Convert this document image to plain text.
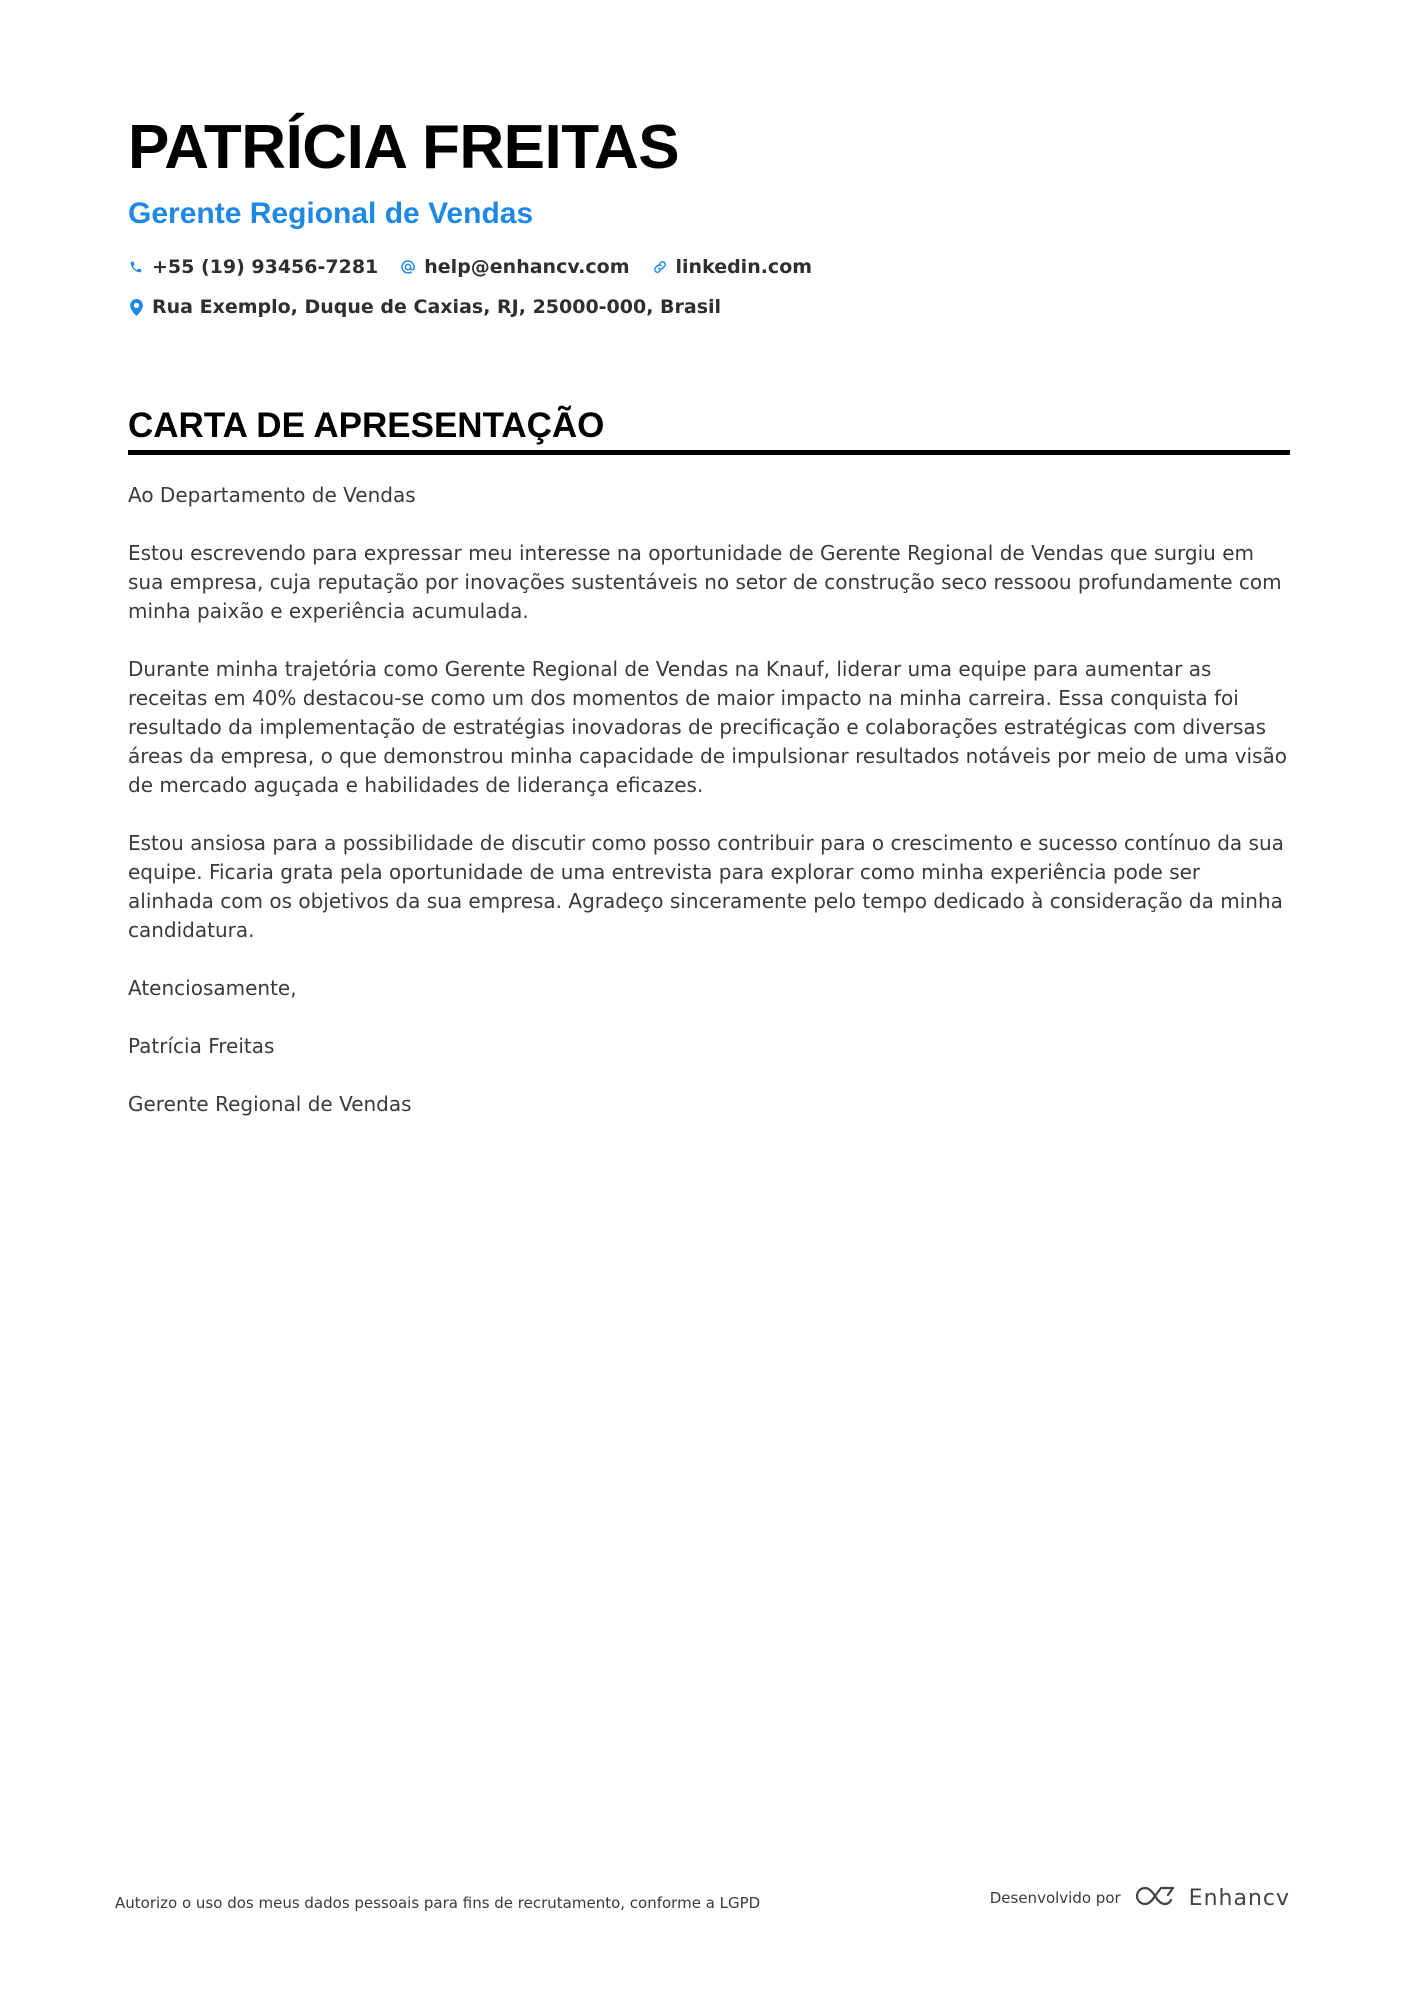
PATRÍCIA FREITAS
Gerente Regional de Vendas
+55 (19) 93456-7281 help@enhancv.com linkedin.com
Rua Exemplo, Duque de Caxias, RJ, 25000-000, Brasil
CARTA DE APRESENTAÇÃO

Ao Departamento de Vendas

Estou escrevendo para expressar meu interesse na oportunidade de Gerente Regional de Vendas que surgiu em sua empresa, cuja reputação por inovações sustentáveis no setor de construção seco ressoou profundamente com minha paixão e experiência acumulada.

Durante minha trajetória como Gerente Regional de Vendas na Knauf, liderar uma equipe para aumentar as receitas em 40% destacou-se como um dos momentos de maior impacto na minha carreira. Essa conquista foi resultado da implementação de estratégias inovadoras de precificação e colaborações estratégicas com diversas áreas da empresa, o que demonstrou minha capacidade de impulsionar resultados notáveis por meio de uma visão de mercado aguçada e habilidades de liderança eficazes.

Estou ansiosa para a possibilidade de discutir como posso contribuir para o crescimento e sucesso contínuo da sua equipe. Ficaria grata pela oportunidade de uma entrevista para explorar como minha experiência pode ser alinhada com os objetivos da sua empresa. Agradeço sinceramente pelo tempo dedicado à consideração da minha candidatura.

Atenciosamente,

Patrícia Freitas

Gerente Regional de Vendas

Autorizo o uso dos meus dados pessoais para fins de recrutamento, conforme a LGPD	Desenvolvido por	Enhancv
